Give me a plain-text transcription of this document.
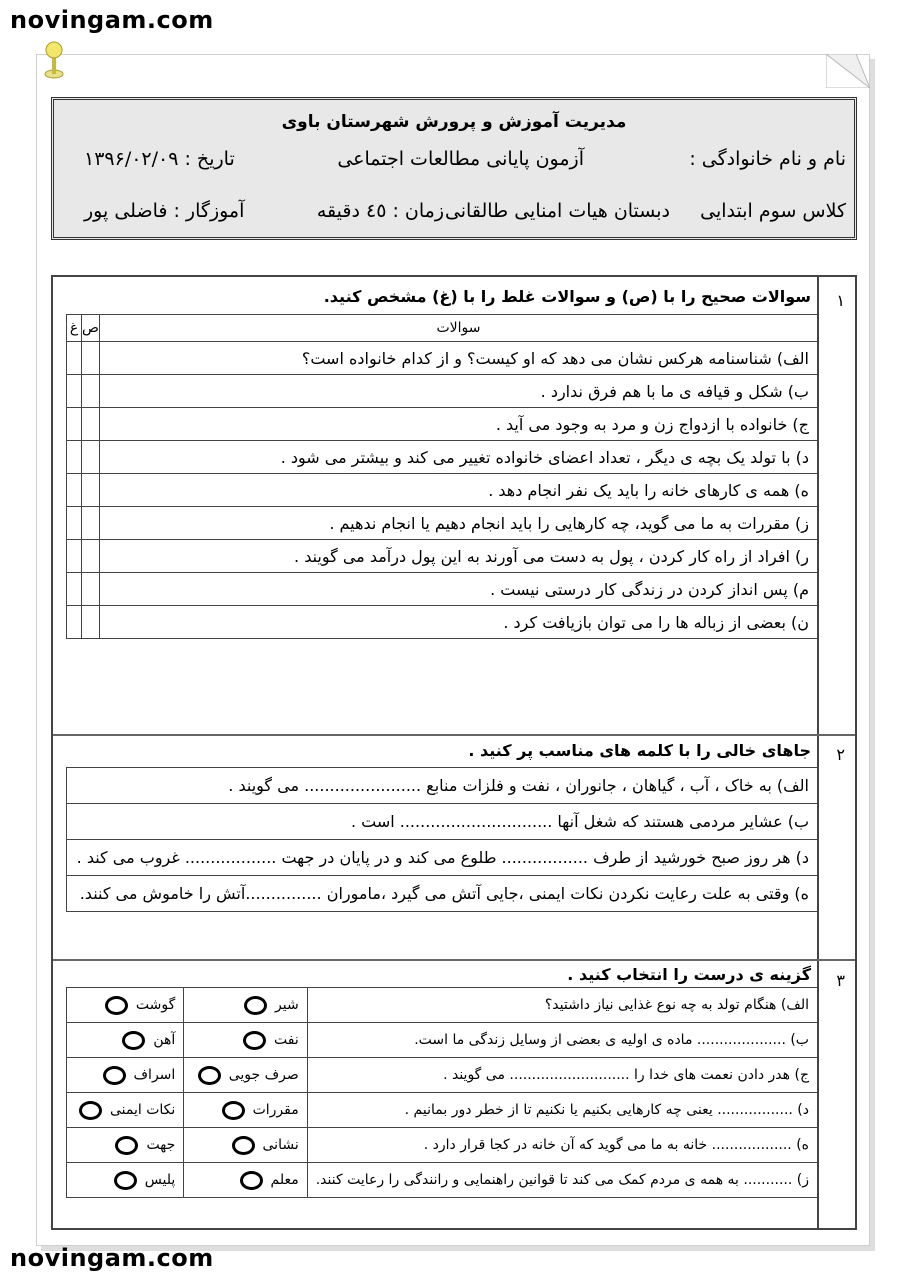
novingam.com
مدیریت آموزش و پرورش شهرستان باوی
نام و نام خانوادگی :
آزمون پایانی مطالعات اجتماعی
تاریخ : ۱۳۹۶/۰۲/۰۹
کلاس سوم ابتدایی
دبستان هیات امنایی طالقانی
زمان : ٤٥ دقیقه
آموزگار : فاضلی پور
۱
سوالات صحیح را با (ص) و سوالات غلط را با (غ) مشخص کنید.
سوالات	ص	غ
الف) شناسنامه هرکس نشان می دهد که او کیست؟ و از کدام خانواده است؟		
ب) شکل و قیافه ی ما با هم فرق ندارد .		
ج) خانواده با ازدواج زن و مرد به وجود می آید .		
د) با تولد یک بچه ی دیگر ، تعداد اعضای خانواده تغییر می کند و بیشتر می شود .		
ه) همه ی کارهای خانه را باید یک نفر انجام دهد .		
ز) مقررات به ما می گوید، چه کارهایی را باید انجام دهیم یا انجام ندهیم .		
ر) افراد از راه کار کردن ، پول به دست می آورند به این پول درآمد می گویند .		
م) پس انداز کردن در زندگی کار درستی نیست .		
ن) بعضی از زباله ها را می توان بازیافت کرد .		
۲
جاهای خالی را با کلمه های مناسب پر کنید .
الف) به خاک ، آب ، گیاهان ، جانوران ، نفت و فلزات منابع ....................... می گویند .
ب) عشایر مردمی هستند که شغل آنها .............................. است .
د) هر روز صبح خورشید از طرف ................. طلوع می کند و در پایان در جهت .................. غروب می کند .
ه) وقتی به علت رعایت نکردن نکات ایمنی ،جایی آتش می گیرد ،ماموران ...............آتش را خاموش می کنند.
۳
گزینه ی درست را انتخاب کنید .
الف) هنگام تولد به چه نوع غذایی نیاز داشتید؟	شیر	گوشت

ب) .................... ماده ی اولیه ی بعضی از وسایل زندگی ما است.	نفت	آهن

ج) هدر دادن نعمت های خدا را ........................... می گویند .	صرف جویی	اسراف

د) ................. یعنی چه کارهایی بکنیم یا نکنیم تا از خطر دور بمانیم .	مقررات	نکات ایمنی

ه) .................. خانه به ما می گوید که آن خانه در کجا قرار دارد .	نشانی	جهت

ز) ........... به همه ی مردم کمک می کند تا قوانین راهنمایی و رانندگی را رعایت کنند.	معلم	پلیس
novingam.com
